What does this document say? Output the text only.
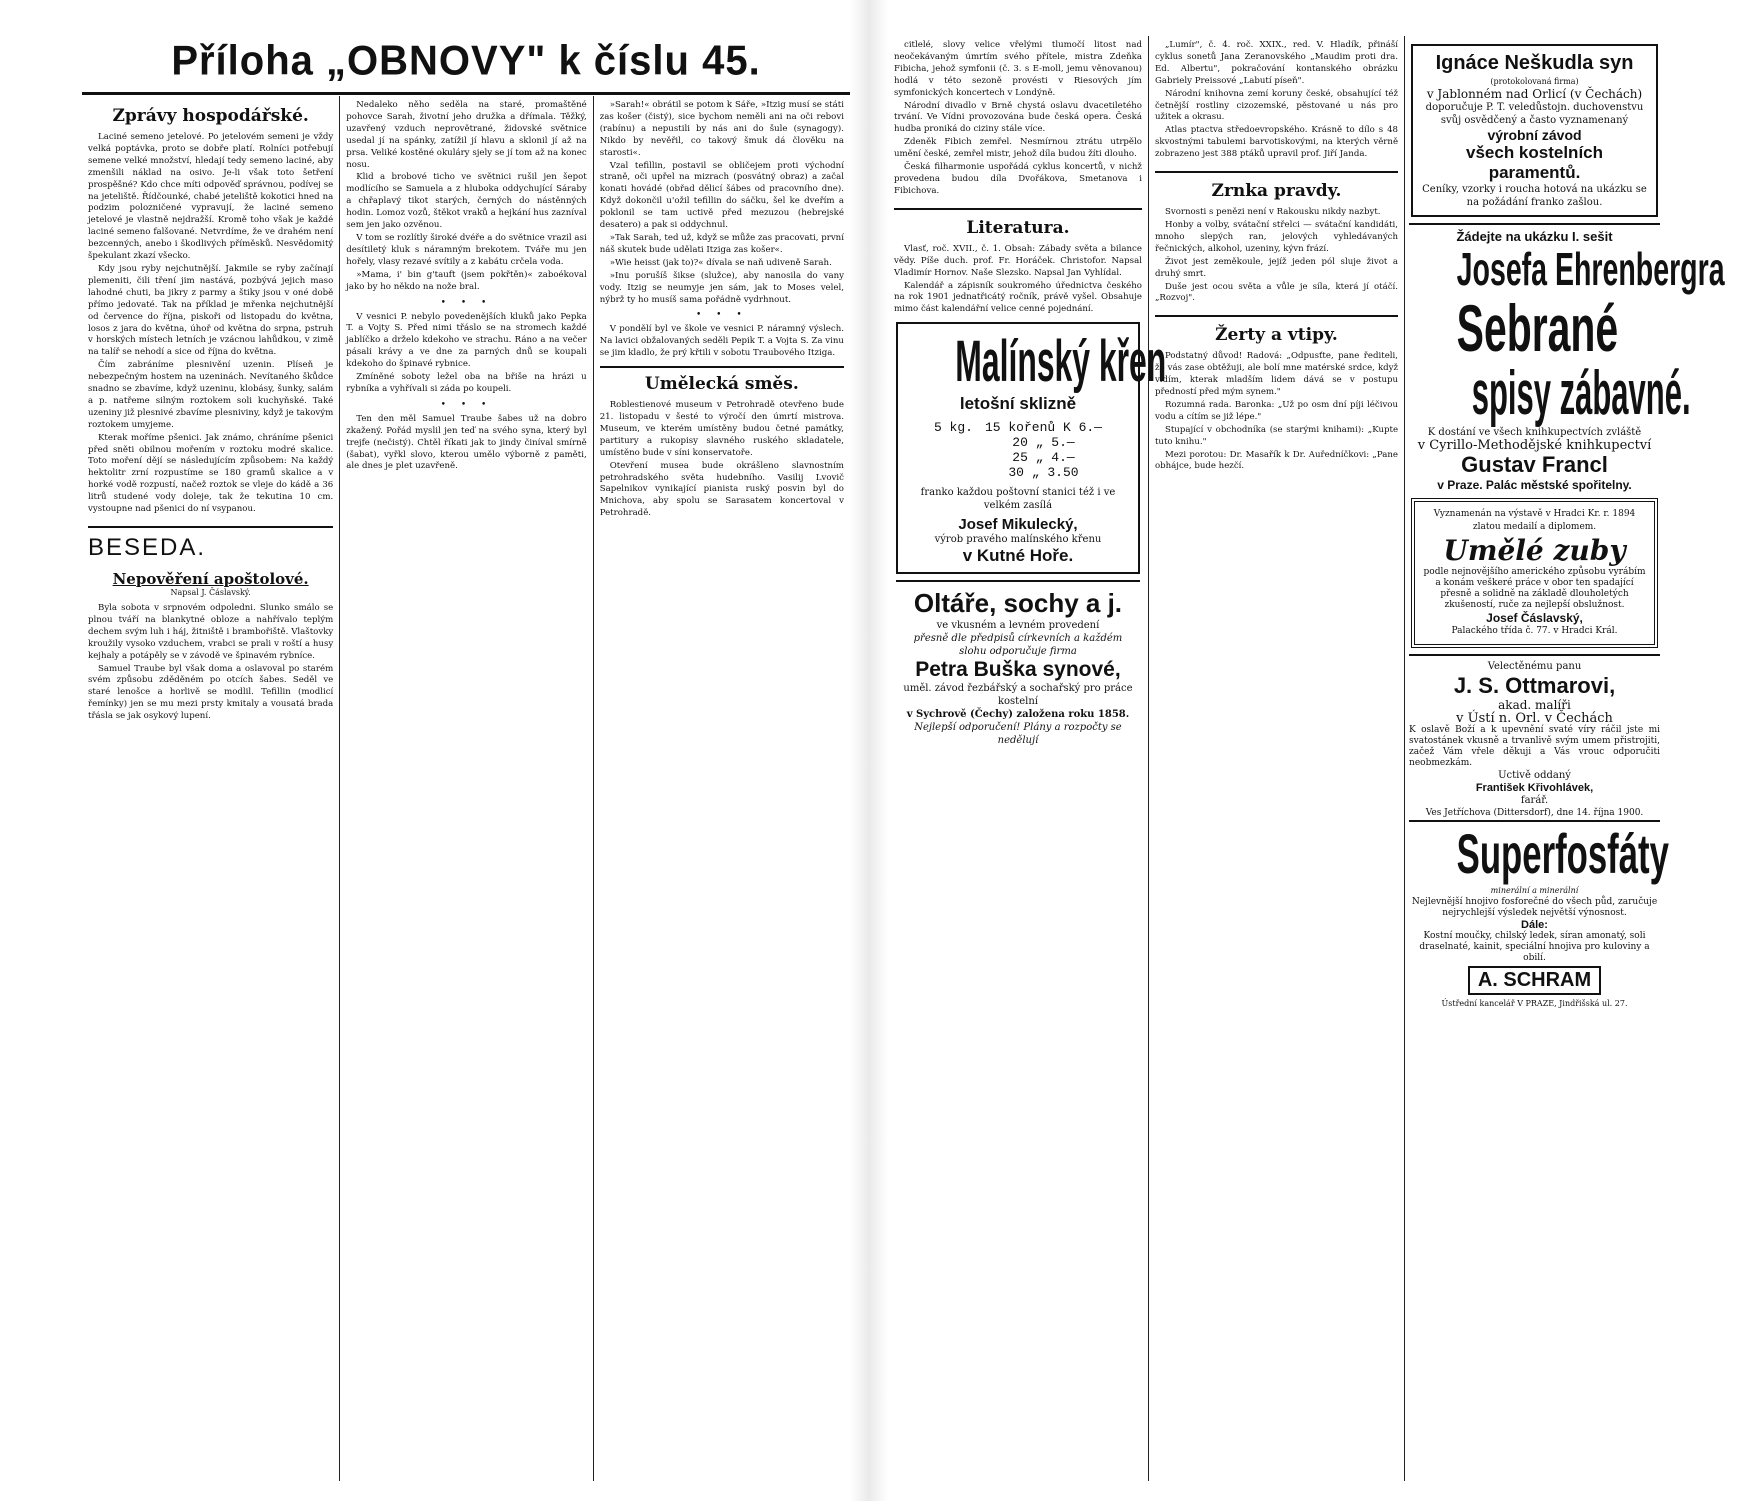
Příloha „OBNOVY" k číslu 45.
Zprávy hospodářské.

Laciné semeno jetelové. Po jetelovém semeni je vždy velká poptávka, proto se dobře platí. Rolníci potřebují semene velké množství, hledají tedy semeno laciné, aby zmenšili náklad na osivo. Je-li však toto šetření prospěšné? Kdo chce míti odpověď správnou, podívej se na jeteliště. Řídčounké, chabé jeteliště kokotici hned na podzim polozničené vypravují, že laciné semeno jetelové je vlastně nejdražší. Kromě toho však je každé laciné semeno falšované. Netvrdíme, že ve drahém není bezcenných, anebo i škodlivých příměsků. Nesvědomitý špekulant zkazí všecko.

Kdy jsou ryby nejchutnější. Jakmile se ryby začínají plemeniti, čili tření jim nastává, pozbývá jejich maso lahodné chuti, ba jikry z parmy a štiky jsou v oné době přímo jedovaté. Tak na příklad je mřenka nejchutnější od července do října, piskoři od listopadu do května, losos z jara do května, úhoř od května do srpna, pstruh v horských místech letních je vzácnou lahůdkou, v zimě na talíř se nehodí a sice od října do května.

Čím zabráníme plesnivění uzenin. Plíseň je nebezpečným hostem na uzeninách. Nevítaného škůdce snadno se zbavíme, když uzeninu, klobásy, šunky, salám a p. natřeme silným roztokem soli kuchyňské. Také uzeniny již plesnivé zbavíme plesniviny, když je takovým roztokem umyjeme.

Kterak moříme pšenici. Jak známo, chráníme pšenici před sněti obilnou mořením v roztoku modré skalice. Toto moření dějí se následujícím způsobem: Na každý hektolitr zrní rozpustíme se 180 gramů skalice a v horké vodě rozpustí, načež roztok se vleje do kádě a 36 litrů studené vody doleje, tak že tekutina 10 cm. vystoupne nad pšenici do ní vsypanou.

BESEDA.
Nepověření apoštolové.
Napsal J. Čáslavský.

Byla sobota v srpnovém odpoledni. Slunko smálo se plnou tváří na blankytné obloze a nahřívalo teplým dechem svým luh i háj, žitniště i brambořiště. Vlaštovky kroužily vysoko vzduchem, vrabci se prali v roští a husy kejhaly a potápěly se v závodě ve špinavém rybníce.

Samuel Traube byl však doma a oslavoval po starém svém způsobu zděděném po otcích šabes. Seděl ve staré lenošce a horlivě se modlil. Tefillin (modlicí řemínky) jen se mu mezi prsty kmitaly a vousatá brada třásla se jak osykový lupení.

Nedaleko něho seděla na staré, promaštěné pohovce Sarah, životní jeho družka a dřímala. Těžký, uzavřený vzduch neprovětrané, židovské světnice usedal jí na spánky, zatížil jí hlavu a sklonil jí až na prsa. Veliké kostěné okuláry sjely se jí tom až na konec nosu.

Klid a brobové ticho ve světnici rušil jen šepot modlícího se Samuela a z hluboka oddychující Sáraby a chřaplavý tikot starých, černých do nástěnných hodin. Lomoz vozů, štěkot vraků a hejkání hus zazníval sem jen jako ozvěnou.

V tom se rozlítly široké dvéře a do světnice vrazil asi desítiletý kluk s náramným brekotem. Tváře mu jen hořely, vlasy rezavé svítily a z kabátu crčela voda.

»Mama, i' bin g'tauft (jsem pokřtěn)« zaboékoval jako by ho někdo na nože bral.

• • •

V vesnici P. nebylo povedenějších kluků jako Pepka T. a Vojty S. Před nimi třáslo se na stromech každé jablíčko a drželo kdekoho ve strachu. Ráno a na večer pásali krávy a ve dne za parných dnů se koupali kdekoho do špinavé rybnice.

Zmíněné soboty ležel oba na břiše na hrázi u rybníka a vyhřívali si záda po koupeli.

• • •

Ten den měl Samuel Traube šabes už na dobro zkažený. Pořád myslil jen teď na svého syna, který byl trejfe (nečistý). Chtěl říkati jak to jindy činíval smírně (šabat), vyřkl slovo, kterou umělo výborně z paměti, ale dnes je plet uzavřeně.

»Sarah!« obrátil se potom k Sáře, »Itzig musí se státi zas košer (čistý), sice bychom neměli ani na oči rebovi (rabínu) a nepustili by nás ani do šule (synagogy). Nikdo by nevěřil, co takový šmuk dá člověku na starosti«.

Vzal tefillin, postavil se obličejem proti východní straně, oči upřel na mizrach (posvátný obraz) a začal konati hovádé (obřad dělicí šábes od pracovního dne). Když dokončil u'ožil tefillin do sáčku, šel ke dveřím a poklonil se tam uctivě před mezuzou (hebrejské desatero) a pak si oddychnul.

»Tak Sarah, ted už, když se může zas pracovati, první náš skutek bude udělati Itziga zas košer«.

»Wie heisst (jak to)?« dívala se naň udiveně Sarah.

»Inu porušíš šikse (služce), aby nanosila do vany vody. Itzig se neumyje jen sám, jak to Moses velel, nýbrž ty ho musíš sama pořádně vydrhnout.

• • •

V pondělí byl ve škole ve vesnici P. náramný výslech. Na lavici obžalovaných seděli Pepik T. a Vojta S. Za vinu se jim kladlo, že prý křtili v sobotu Traubového Itziga.

Umělecká směs.

Roblestienové museum v Petrohradě otevřeno bude 21. listopadu v šesté to výročí den úmrtí mistrova. Museum, ve kterém umístěny budou četné památky, partitury a rukopisy slavného ruského skladatele, umístěno bude v síni konservatoře.

Otevření musea bude okrášleno slavnostním petrohradského světa hudebního. Vasilij Lvovič Sapelnikov vynikající pianista ruský posvin byl do Mnichova, aby spolu se Sarasatem koncertoval v Petrohradě.

citlelé, slovy velice vřelými tlumočí litost nad neočekávaným úmrtím svého přítele, mistra Zdeňka Fibicha, jehož symfonii (č. 3. s E-moll, jemu věnovanou) hodlá v této sezoně provésti v Riesových jím symfonických koncertech v Londýně.

Národní divadlo v Brně chystá oslavu dvacetiletého trvání. Ve Vídni provozována bude česká opera. Česká hudba proniká do ciziny stále více.

Zdeněk Fibich zemřel. Nesmírnou ztrátu utrpělo umění české, zemřel mistr, jehož díla budou žíti dlouho.

Česká filharmonie uspořádá cyklus koncertů, v nichž provedena budou díla Dvořákova, Smetanova i Fibichova.

Literatura.

Vlasť, roč. XVII., č. 1. Obsah: Zábady světa a bilance vědy. Píše duch. prof. Fr. Horáček. Christofor. Napsal Vladimír Hornov. Naše Slezsko. Napsal Jan Vyhlídal.

Kalendář a zápisník soukromého úřednictva českého na rok 1901 jednatřicátý ročník, právě vyšel. Obsahuje mimo část kalendářní velice cenné pojednání.

Malínský křen
letošní sklizně
5 kg.	15 kořenů K 6.—
	20 „ 5.—
	25 „ 4.—
	30 „ 3.50
franko každou poštovní stanici též i ve velkém zasílá
Josef Mikulecký,
výrob pravého malínského křenu
v Kutné Hoře.
Oltáře, sochy a j.
ve vkusném a levném provedení
přesně dle předpisů církevních a každém slohu odporučuje firma
Petra Buška synové,
uměl. závod řezbářský a sochařský pro práce kostelní
v Sychrově (Čechy) založena roku 1858.
Nejlepší odporučení! Plány a rozpočty se nedělují

„Lumír", č. 4. roč. XXIX., red. V. Hladík, přináší cyklus sonetů Jana Zeranovského „Maudim proti dra. Ed. Albertu", pokračování kontanského obrázku Gabriely Preissové „Labutí píseň".

Národní knihovna zemí koruny české, obsahující též četnější rostliny cizozemské, pěstované u nás pro užitek a okrasu.

Atlas ptactva středoevropského. Krásně to dílo s 48 skvostnými tabulemi barvotiskovými, na kterých věrně zobrazeno jest 388 ptáků upravil prof. Jiří Janda.

Zrnka pravdy.

Svornosti s penězi není v Rakousku nikdy nazbyt.

Honby a volby, svátační střelci — svátační kandidáti, mnoho slepých ran, jelových vyhledávaných řečnických, alkohol, uzeniny, kývn frází.

Život jest zeměkoule, jejíž jeden pól sluje život a druhý smrt.

Duše jest ocou světa a vůle je síla, která jí otáčí. „Rozvoj".

Žerty a vtipy.

Podstatný důvod! Radová: „Odpusťte, pane řediteli, že vás zase obtěžuji, ale bolí mne matérské srdce, když vidím, kterak mladším lidem dává se v postupu předností před mým synem."

Rozumná rada. Baronka: „Už po osm dní píji léčivou vodu a cítím se již lépe."

Stupající v obchodníka (se starými knihami): „Kupte tuto knihu."

Mezi porotou: Dr. Masařík k Dr. Auředníčkovi: „Pane obhájce, bude hezčí.

Ignáce Neškudla syn
(protokolovaná firma)
v Jablonném nad Orlicí (v Čechách)
doporučuje P. T. veledůstojn. duchovenstvu svůj osvědčený a často vyznamenaný
výrobní závod
všech kostelních paramentů.
Ceníky, vzorky i roucha hotová na ukázku se na požádání franko zašlou.
Žádejte na ukázku I. sešit
Josefa Ehrenbergra
Sebrané
spisy zábavné.
K dostání ve všech knihkupectvích zvláště
v Cyrillo-Methodějské knihkupectví
Gustav Francl
v Praze. Palác městské spořitelny.
Vyznamenán na výstavě v Hradci Kr. r. 1894 zlatou medailí a diplomem.
Umělé zuby
podle nejnovějšího amerického způsobu vyrábím a konám veškeré práce v obor ten spadající přesně a solidně na základě dlouholetých zkušeností, ruče za nejlepší obslužnost.
Josef Čáslavský,
Palackého třída č. 77. v Hradci Král.
Velectěnému panu
J. S. Ottmarovi,
akad. malíři
v Ústí n. Orl. v Čechách
K oslavě Boží a k upevnění svaté víry ráčil jste mi svatostánek vkusně a trvanlivě svým umem přistrojiti, začež Vám vřele děkuji a Vás vrouc odporučiti neobmezkám.
Uctivě oddaný
František Křivohlávek,
farář.
Ves Jetříchova (Dittersdorf), dne 14. října 1900.
Superfosfáty
minerální a minerální
Nejlevnější hnojivo fosforečné do všech půd, zaručuje nejrychlejší výsledek největší výnosnost.
Dále:
Kostní moučky, chilský ledek, síran amonatý, soli draselnaté, kainit, speciální hnojiva pro kuloviny a obilí.
A. SCHRAM
Ústřední kancelář V PRAZE, Jindřišská ul. 27.
